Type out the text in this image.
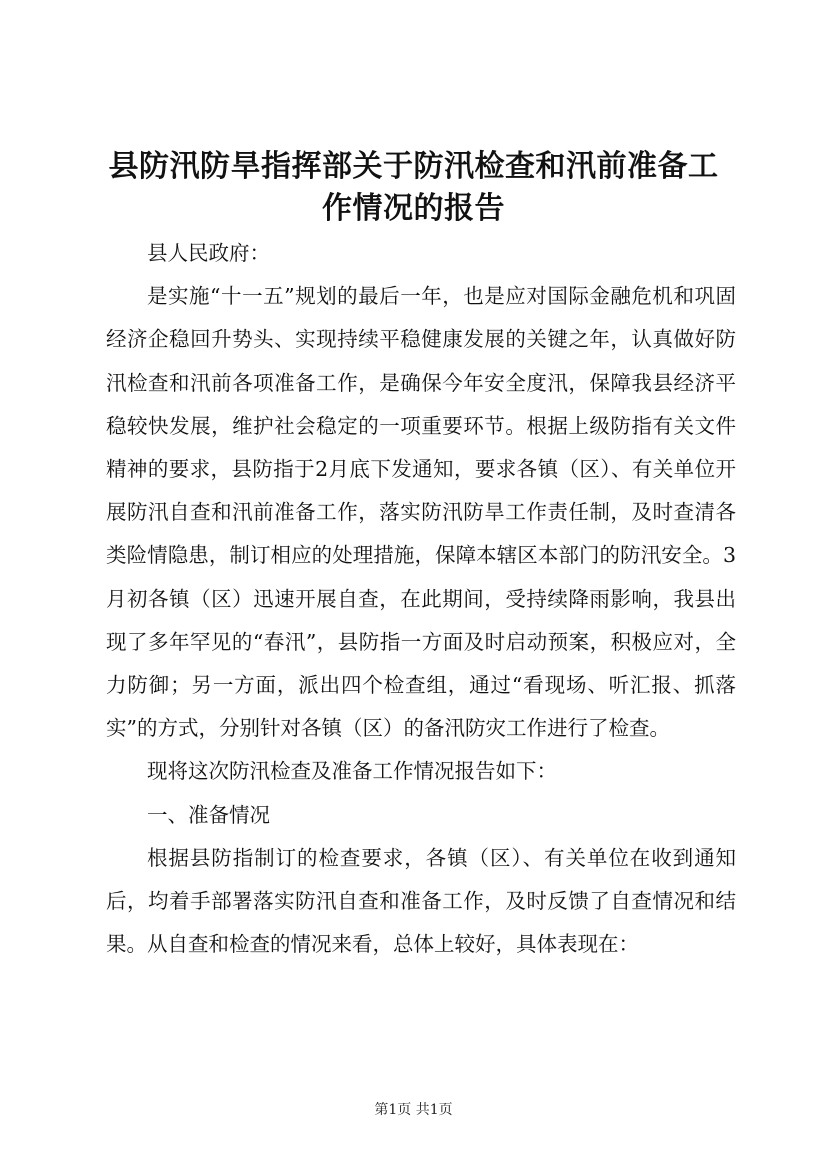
县防汛防旱指挥部关于防汛检查和汛前准备工作情况的报告

县人民政府：

是实施“十一五”规划的最后一年，也是应对国际金融危机和巩固经济企稳回升势头、实现持续平稳健康发展的关键之年，认真做好防汛检查和汛前各项准备工作，是确保今年安全度汛，保障我县经济平稳较快发展，维护社会稳定的一项重要环节。根据上级防指有关文件精神的要求，县防指于2月底下发通知，要求各镇（区）、有关单位开展防汛自查和汛前准备工作，落实防汛防旱工作责任制，及时查清各类险情隐患，制订相应的处理措施，保障本辖区本部门的防汛安全。3月初各镇（区）迅速开展自查，在此期间，受持续降雨影响，我县出现了多年罕见的“春汛”，县防指一方面及时启动预案，积极应对，全力防御；另一方面，派出四个检查组，通过“看现场、听汇报、抓落实”的方式，分别针对各镇（区）的备汛防灾工作进行了检查。

现将这次防汛检查及准备工作情况报告如下：

一、准备情况

根据县防指制订的检查要求，各镇（区）、有关单位在收到通知后，均着手部署落实防汛自查和准备工作，及时反馈了自查情况和结果。从自查和检查的情况来看，总体上较好，具体表现在：

第1页 共1页
